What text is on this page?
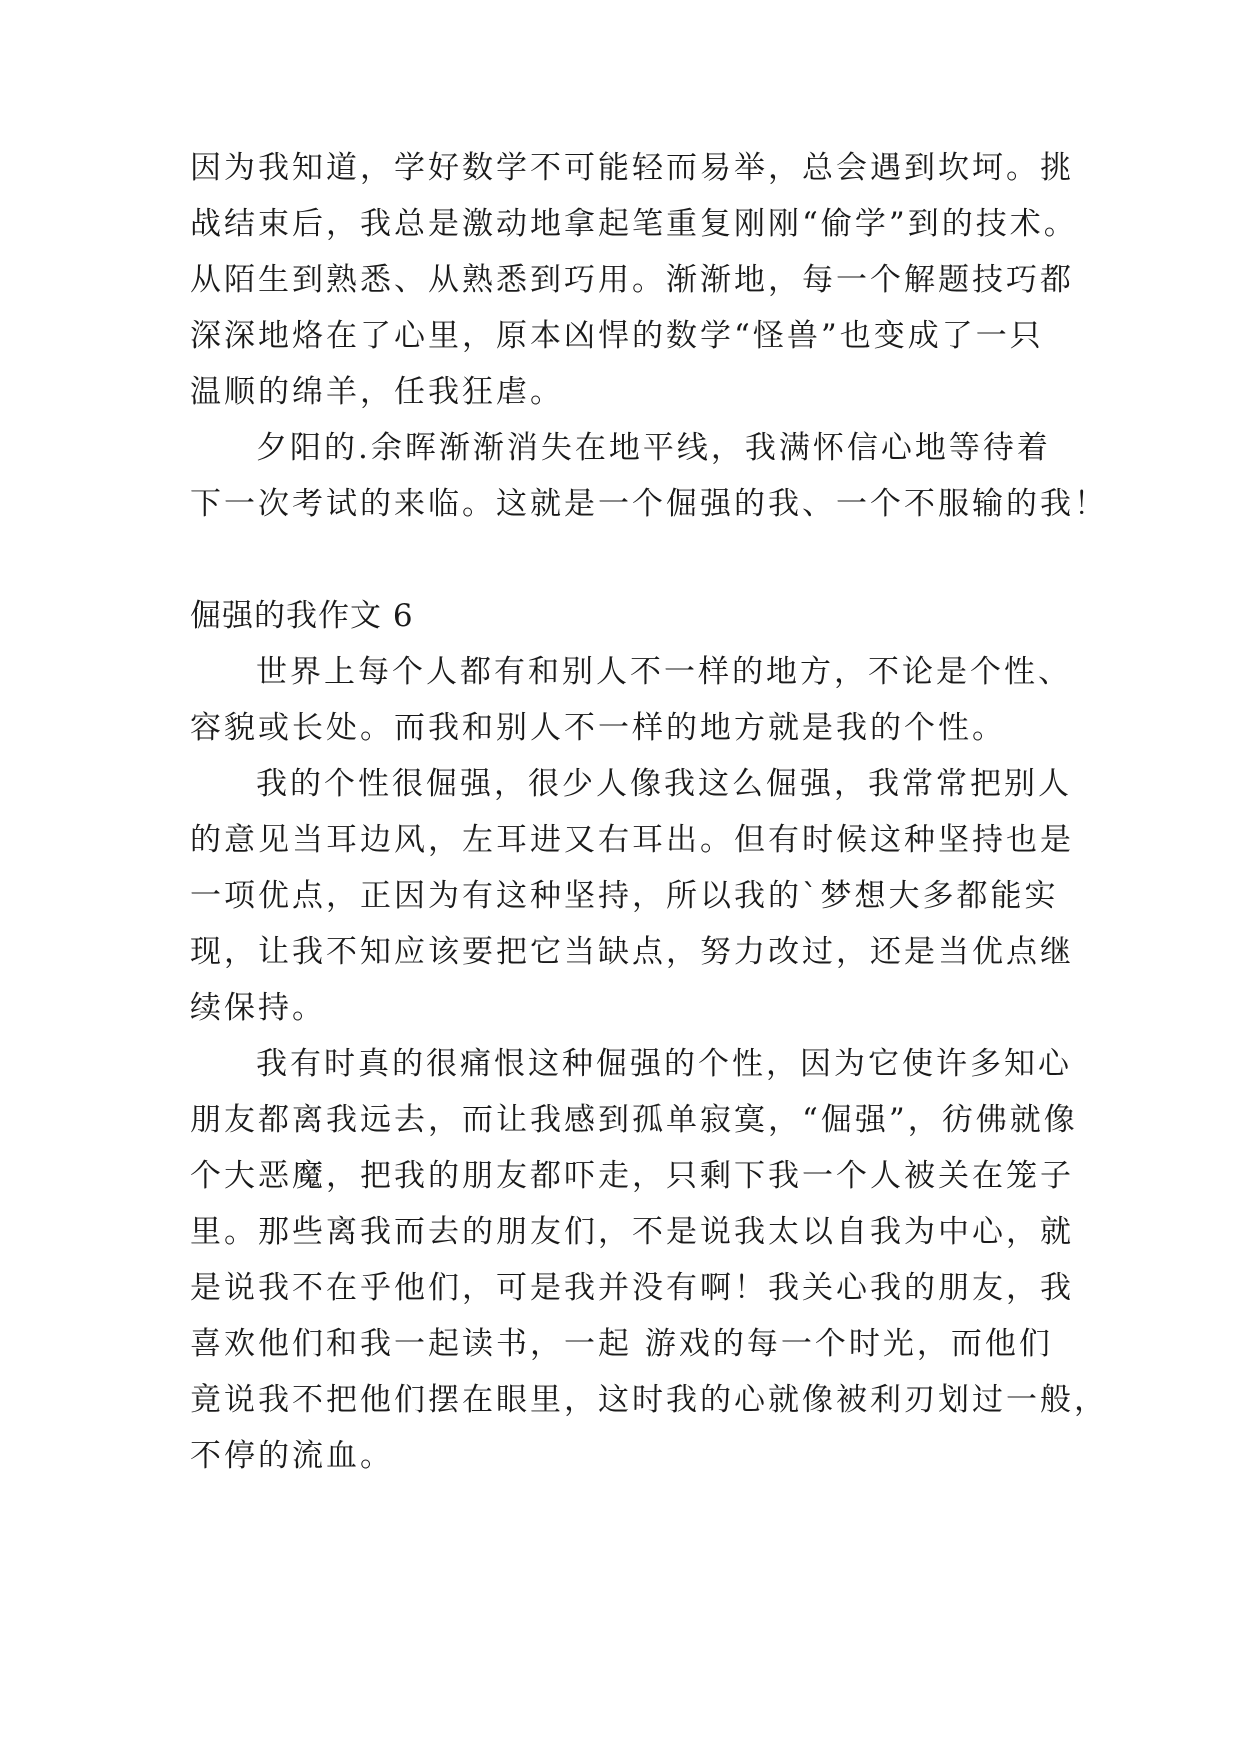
因为我知道，学好数学不可能轻而易举，总会遇到坎坷。挑
战结束后，我总是激动地拿起笔重复刚刚“偷学”到的技术。
从陌生到熟悉、从熟悉到巧用。渐渐地，每一个解题技巧都
深深地烙在了心里，原本凶悍的数学“怪兽”也变成了一只
温顺的绵羊，任我狂虐。
夕阳的.余晖渐渐消失在地平线，我满怀信心地等待着
下一次考试的来临。这就是一个倔强的我、一个不服输的我！
倔强的我作文 6
世界上每个人都有和别人不一样的地方，不论是个性、
容貌或长处。而我和别人不一样的地方就是我的个性。
我的个性很倔强，很少人像我这么倔强，我常常把别人
的意见当耳边风，左耳进又右耳出。但有时候这种坚持也是
一项优点，正因为有这种坚持，所以我的`梦想大多都能实
现，让我不知应该要把它当缺点，努力改过，还是当优点继
续保持。
我有时真的很痛恨这种倔强的个性，因为它使许多知心
朋友都离我远去，而让我感到孤单寂寞，“倔强”，彷佛就像
个大恶魔，把我的朋友都吓走，只剩下我一个人被关在笼子
里。那些离我而去的朋友们，不是说我太以自我为中心，就
是说我不在乎他们，可是我并没有啊！我关心我的朋友，我
喜欢他们和我一起读书，一起 游戏的每一个时光，而他们
竟说我不把他们摆在眼里，这时我的心就像被利刃划过一般，
不停的流血。
